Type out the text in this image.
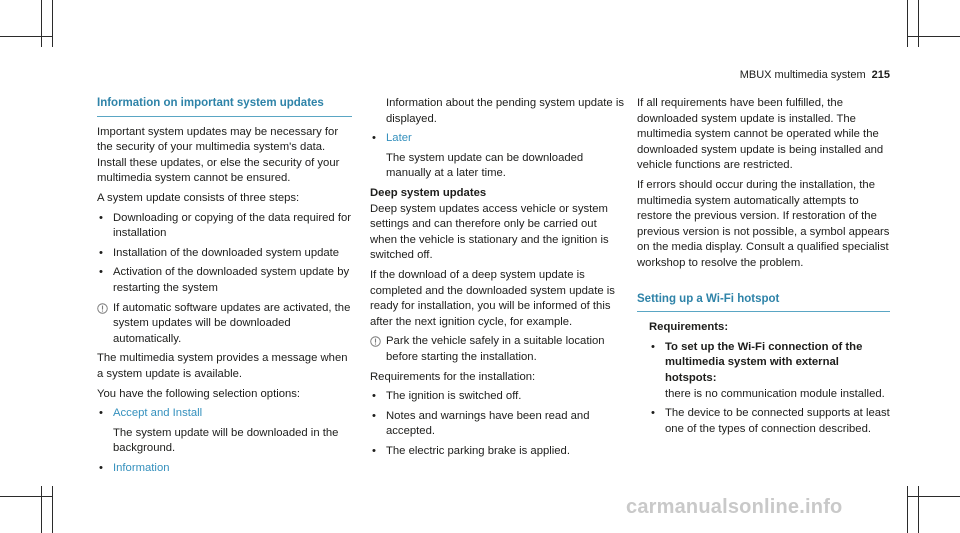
MBUX multimedia system 215
Information on important system updates

Important system updates may be necessary for the security of your multimedia system's data. Install these updates, or else the security of your multimedia system cannot be ensured.

A system update consists of three steps:

• Downloading or copying of the data required for installation
• Installation of the downloaded system update
• Activation of the downloaded system update by restarting the system
If automatic software updates are activated, the system updates will be downloaded automatically.

The multimedia system provides a message when a system update is available.

You have the following selection options:

• Accept and Install
The system update will be downloaded in the background.
• Information
Information about the pending system update is displayed.
• Later
The system update can be downloaded manually at a later time.
Deep system updates

Deep system updates access vehicle or system settings and can therefore only be carried out when the vehicle is stationary and the ignition is switched off.

If the download of a deep system update is completed and the downloaded system update is ready for installation, you will be informed of this after the next ignition cycle, for example.

Park the vehicle safely in a suitable location before starting the installation.

Requirements for the installation:

• The ignition is switched off.
• Notes and warnings have been read and accepted.
• The electric parking brake is applied.

If all requirements have been fulfilled, the downloaded system update is installed. The multimedia system cannot be operated while the downloaded system update is being installed and vehicle functions are restricted.

If errors should occur during the installation, the multimedia system automatically attempts to restore the previous version. If restoration of the previous version is not possible, a symbol appears on the media display. Consult a qualified specialist workshop to resolve the problem.

Setting up a Wi-Fi hotspot

Requirements:

• To set up the Wi-Fi connection of the multimedia system with external hotspots:
there is no communication module installed.
• The device to be connected supports at least one of the types of connection described.
carmanualsonline.info
